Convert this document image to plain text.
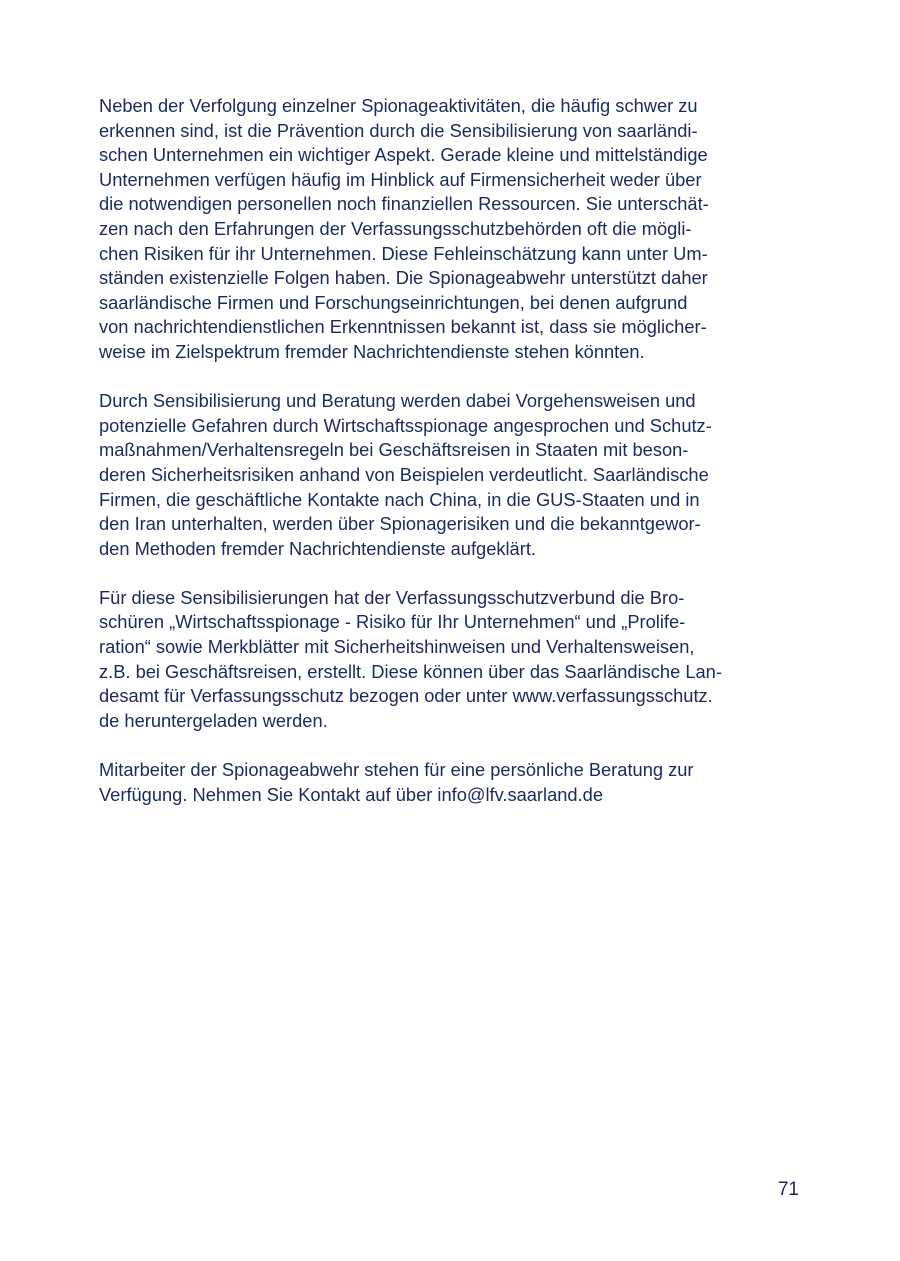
Neben der Verfolgung einzelner Spionageaktivitäten, die häufig schwer zu
erkennen sind, ist die Prävention durch die Sensibilisierung von saarländi-
schen Unternehmen ein wichtiger Aspekt. Gerade kleine und mittelständige
Unternehmen verfügen häufig im Hinblick auf Firmensicherheit weder über
die notwendigen personellen noch finanziellen Ressourcen. Sie unterschät-
zen nach den Erfahrungen der Verfassungsschutzbehörden oft die mögli-
chen Risiken für ihr Unternehmen. Diese Fehleinschätzung kann unter Um-
ständen existenzielle Folgen haben. Die Spionageabwehr unterstützt daher
saarländische Firmen und Forschungseinrichtungen, bei denen aufgrund
von nachrichtendienstlichen Erkenntnissen bekannt ist, dass sie möglicher-
weise im Zielspektrum fremder Nachrichtendienste stehen könnten.

Durch Sensibilisierung und Beratung werden dabei Vorgehensweisen und
potenzielle Gefahren durch Wirtschaftsspionage angesprochen und Schutz-
maßnahmen/Verhaltensregeln bei Geschäftsreisen in Staaten mit beson-
deren Sicherheitsrisiken anhand von Beispielen verdeutlicht. Saarländische
Firmen, die geschäftliche Kontakte nach China, in die GUS-Staaten und in
den Iran unterhalten, werden über Spionagerisiken und die bekanntgewor-
den Methoden fremder Nachrichtendienste aufgeklärt.

Für diese Sensibilisierungen hat der Verfassungsschutzverbund die Bro-
schüren „Wirtschaftsspionage - Risiko für Ihr Unternehmen“ und „Prolife-
ration“ sowie Merkblätter mit Sicherheitshinweisen und Verhaltensweisen,
z.B. bei Geschäftsreisen, erstellt. Diese können über das Saarländische Lan-
desamt für Verfassungsschutz bezogen oder unter www.verfassungsschutz.
de heruntergeladen werden.

Mitarbeiter der Spionageabwehr stehen für eine persönliche Beratung zur
Verfügung. Nehmen Sie Kontakt auf über info@lfv.saarland.de

71
